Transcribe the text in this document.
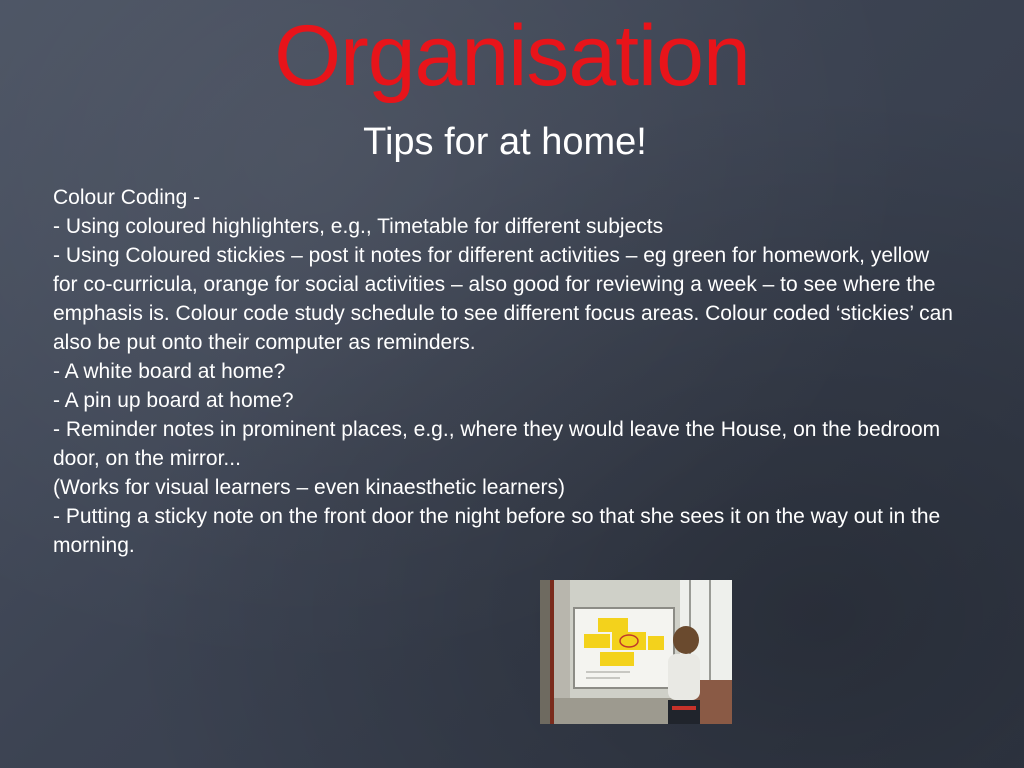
Organisation
Tips for at home!

Colour Coding -

- Using coloured highlighters, e.g., Timetable for different subjects

- Using Coloured stickies – post it notes for different activities – eg green for homework, yellow for co-curricula, orange for social activities – also good for reviewing a week – to see where the emphasis is. Colour code study schedule to see different focus areas. Colour coded ‘stickies’ can also be put onto their computer as reminders.

- A white board at home?

- A pin up board at home?

- Reminder notes in prominent places, e.g., where they would leave the House, on the bedroom door, on the mirror...

(Works for visual learners – even kinaesthetic learners)

- Putting a sticky note on the front door the night before so that she sees it on the way out in the morning.
